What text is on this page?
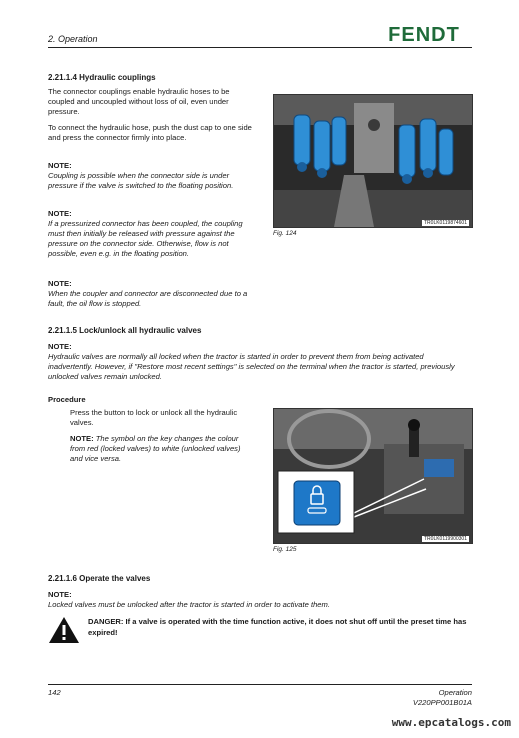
2. Operation	FENDT
2.21.1.4 Hydraulic couplings
The connector couplings enable hydraulic hoses to be coupled and uncoupled without loss of oil, even under pressure.
To connect the hydraulic hose, push the dust cap to one side and press the connector firmly into place.
NOTE:
Coupling is possible when the connector side is under pressure if the valve is switched to the floating position.
NOTE:
If a pressurized connector has been coupled, the coupling must then initially be released with pressure against the pressure on the connector side. Otherwise, flow is not possible, even e.g. in the floating position.
NOTE:
When the coupler and connector are disconnected due to a fault, the oil flow is stopped.
TR0LK0119874601
Fig. 124
2.21.1.5 Lock/unlock all hydraulic valves
NOTE:
Hydraulic valves are normally all locked when the tractor is started in order to prevent them from being activated inadvertently. However, if "Restore most recent settings" is selected on the terminal when the tractor is started, previously unlocked valves remain unlocked.
Procedure
Press the button to lock or unlock all the hydraulic valves.
NOTE: The symbol on the key changes the colour from red (locked valves) to white (unlocked valves) and vice versa.
TR0LK0119900301
Fig. 125
2.21.1.6 Operate the valves
NOTE:
Locked valves must be unlocked after the tractor is started in order to activate them.
DANGER: If a valve is operated with the time function active, it does not shut off until the preset time has expired!
142	Operation
V220PP001B01A
www.epcatalogs.com
